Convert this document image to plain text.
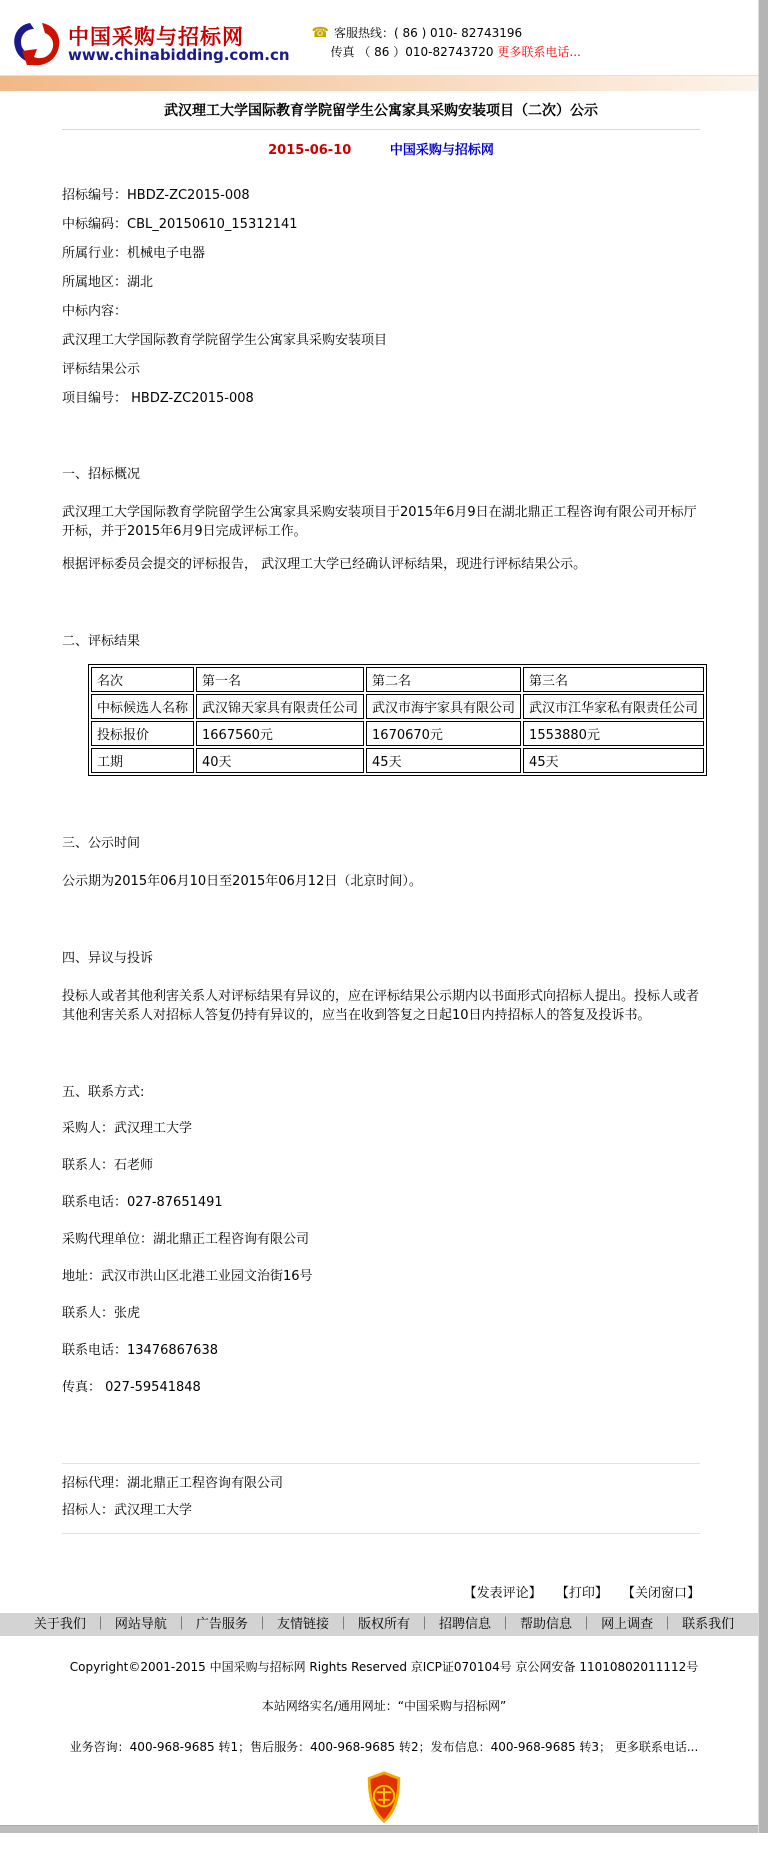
中国采购与招标网
www.chinabidding.com.cn
☎ 客服热线：( 86 ) 010- 82743196
传真 （ 86 ）010-82743720 更多联系电话...
武汉理工大学国际教育学院留学生公寓家具采购安装项目（二次）公示
2015-06-10	中国采购与招标网

招标编号：HBDZ-ZC2015-008

中标编码：CBL_20150610_15312141

所属行业：机械电子电器

所属地区：湖北

中标内容：

武汉理工大学国际教育学院留学生公寓家具采购安装项目

评标结果公示

项目编号： HBDZ-ZC2015-008

一、招标概况

武汉理工大学国际教育学院留学生公寓家具采购安装项目于2015年6月9日在湖北鼎正工程咨询有限公司开标厅开标，并于2015年6月9日完成评标工作。

根据评标委员会提交的评标报告， 武汉理工大学已经确认评标结果，现进行评标结果公示。

二、评标结果
名次	第一名	第二名	第三名
中标候选人名称	武汉锦天家具有限责任公司	武汉市海宇家具有限公司	武汉市江华家私有限责任公司
投标报价	1667560元	1670670元	1553880元
工期	40天	45天	45天
三、公示时间

公示期为2015年06月10日至2015年06月12日（北京时间）。

四、异议与投诉

投标人或者其他利害关系人对评标结果有异议的，应在评标结果公示期内以书面形式向招标人提出。投标人或者其他利害关系人对招标人答复仍持有异议的，应当在收到答复之日起10日内持招标人的答复及投诉书。

五、联系方式:

采购人：武汉理工大学

联系人：石老师

联系电话：027-87651491

采购代理单位：湖北鼎正工程咨询有限公司

地址：武汉市洪山区北港工业园文治街16号

联系人：张虎

联系电话：13476867638

传真： 027-59541848

招标代理：湖北鼎正工程咨询有限公司

招标人：武汉理工大学

【发表评论】 【打印】 【关闭窗口】
关于我们 ｜ 网站导航 ｜ 广告服务 ｜ 友情链接 ｜ 版权所有 ｜ 招聘信息 ｜ 帮助信息 ｜ 网上调查 ｜ 联系我们
Copyright©2001-2015 中国采购与招标网 Rights Reserved 京ICP证070104号 京公网安备 11010802011112号
本站网络实名/通用网址：“中国采购与招标网”
业务咨询：400-968-9685 转1；售后服务：400-968-9685 转2；发布信息：400-968-9685 转3； 更多联系电话...
